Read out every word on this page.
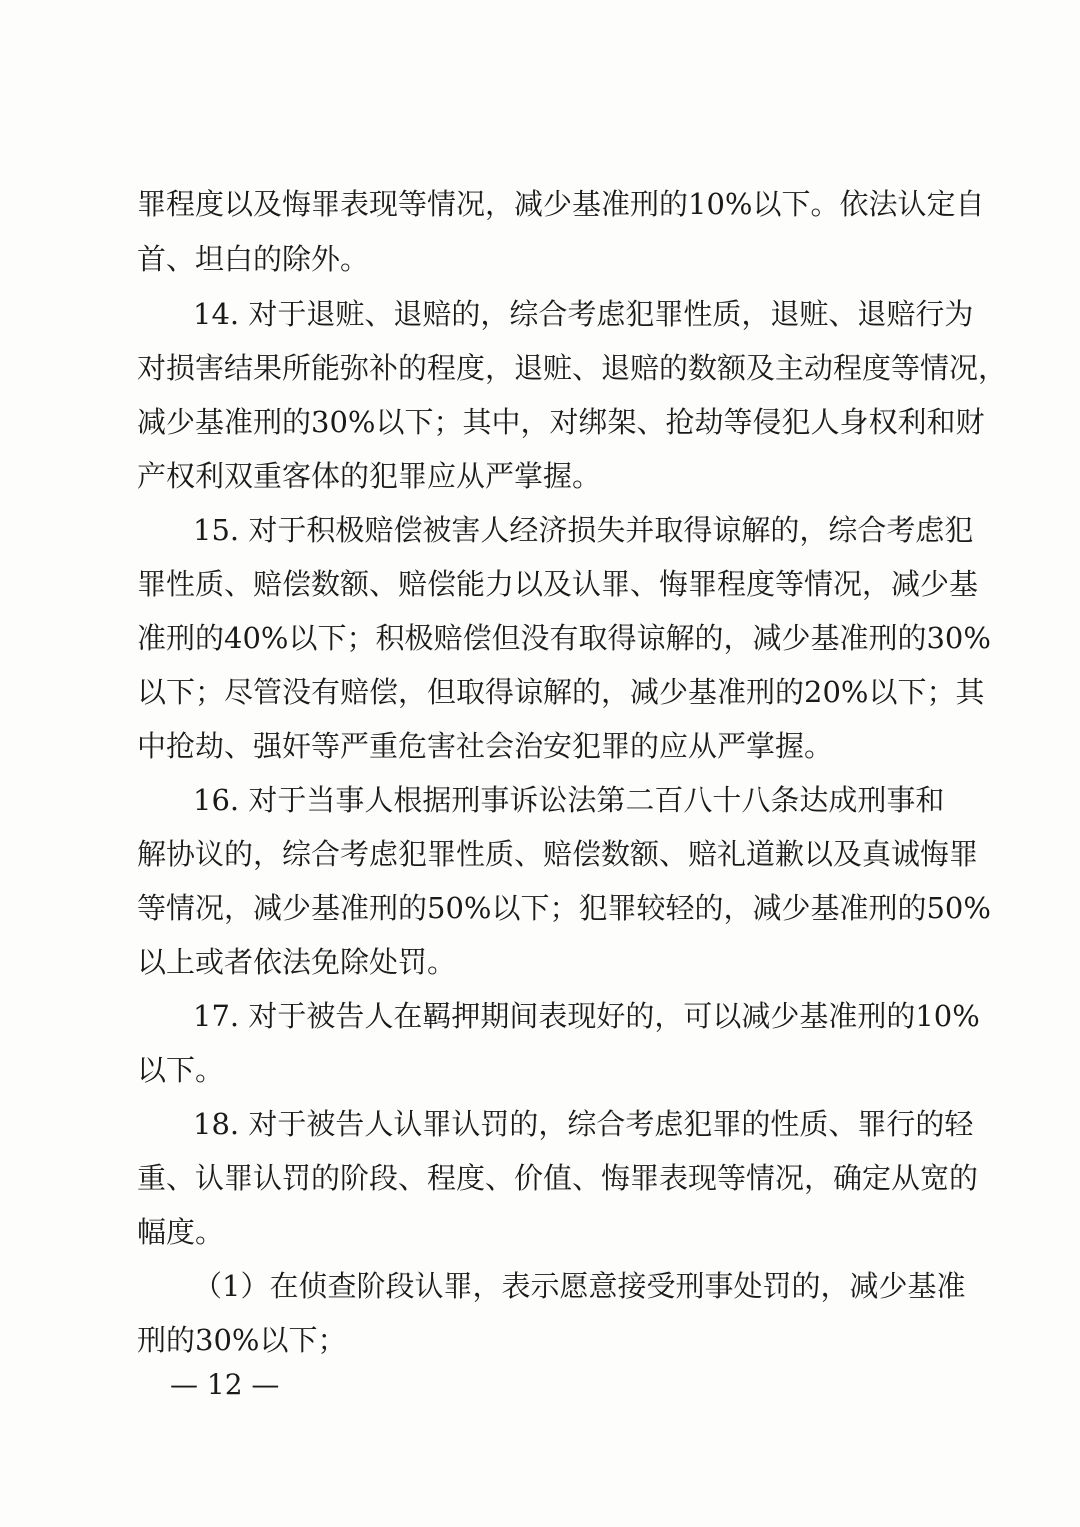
罪程度以及悔罪表现等情况，减少基准刑的10%以下。依法认定自
首、坦白的除外。
14. 对于退赃、退赔的，综合考虑犯罪性质，退赃、退赔行为
对损害结果所能弥补的程度，退赃、退赔的数额及主动程度等情况，
减少基准刑的30%以下；其中，对绑架、抢劫等侵犯人身权利和财
产权利双重客体的犯罪应从严掌握。
15. 对于积极赔偿被害人经济损失并取得谅解的，综合考虑犯
罪性质、赔偿数额、赔偿能力以及认罪、悔罪程度等情况，减少基
准刑的40%以下；积极赔偿但没有取得谅解的，减少基准刑的30%
以下；尽管没有赔偿，但取得谅解的，减少基准刑的20%以下；其
中抢劫、强奸等严重危害社会治安犯罪的应从严掌握。
16. 对于当事人根据刑事诉讼法第二百八十八条达成刑事和
解协议的，综合考虑犯罪性质、赔偿数额、赔礼道歉以及真诚悔罪
等情况，减少基准刑的50%以下；犯罪较轻的，减少基准刑的50%
以上或者依法免除处罚。
17. 对于被告人在羁押期间表现好的，可以减少基准刑的10%
以下。
18. 对于被告人认罪认罚的，综合考虑犯罪的性质、罪行的轻
重、认罪认罚的阶段、程度、价值、悔罪表现等情况，确定从宽的
幅度。
（1）在侦查阶段认罪，表示愿意接受刑事处罚的，减少基准
刑的30%以下；
— 12 —
